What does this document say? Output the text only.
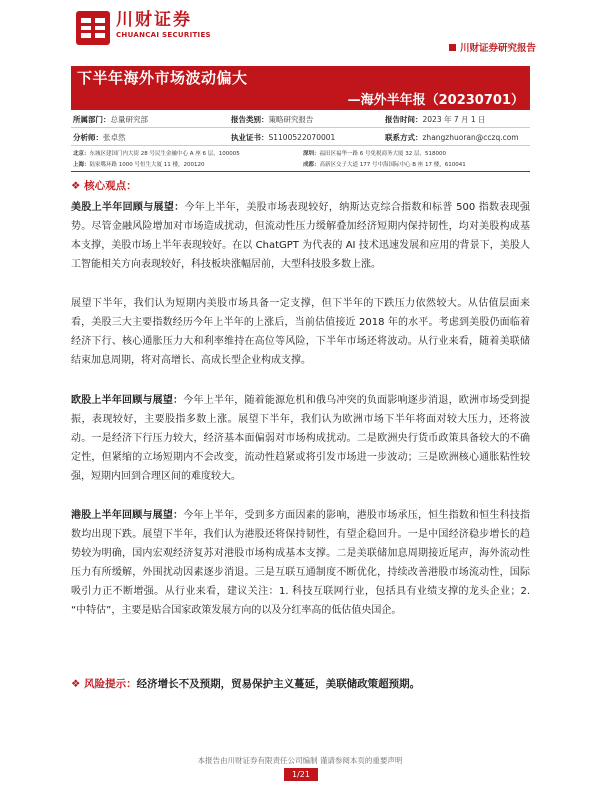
川财证券
CHUANCAI SECURITIES
川财证券研究报告
下半年海外市场波动偏大
—海外半年报（20230701）
所属部门：总量研究部	报告类别：策略研究报告	报告时间：2023 年 7 月 1 日
分析师：张卓然	执业证书：S1100522070001	联系方式：zhangzhuoran@cczq.com
北京：东城区建国门内大街 28 号民生金融中心 A 座 6 层，100005	深圳：福田区福华一路 6 号免税商务大厦 32 层，518000
上海：陆家嘴环路 1000 号恒生大厦 11 楼，200120	成都：高新区交子大道 177 号中海国际中心 B 座 17 楼，610041
❖ 核心观点：

美股上半年回顾与展望：今年上半年，美股市场表现较好，纳斯达克综合指数和标普 500 指数表现强势。尽管金融风险增加对市场造成扰动，但流动性压力缓解叠加经济短期内保持韧性，均对美股构成基本支撑，美股市场上半年表现较好。在以 ChatGPT 为代表的 AI 技术迅速发展和应用的背景下，美股人工智能相关方向表现较好，科技板块涨幅居前，大型科技股多数上涨。

展望下半年，我们认为短期内美股市场具备一定支撑，但下半年的下跌压力依然较大。从估值层面来看，美股三大主要指数经历今年上半年的上涨后，当前估值接近 2018 年的水平。考虑到美股仍面临着经济下行、核心通胀压力大和利率维持在高位等风险，下半年市场还将波动。从行业来看，随着美联储结束加息周期，将对高增长、高成长型企业构成支撑。

欧股上半年回顾与展望：今年上半年，随着能源危机和俄乌冲突的负面影响逐步消退，欧洲市场受到提振，表现较好，主要股指多数上涨。展望下半年，我们认为欧洲市场下半年将面对较大压力，还将波动。一是经济下行压力较大，经济基本面偏弱对市场构成扰动。二是欧洲央行货币政策具备较大的不确定性，但紧缩的立场短期内不会改变，流动性趋紧或将引发市场进一步波动；三是欧洲核心通胀粘性较强，短期内回到合理区间的难度较大。

港股上半年回顾与展望：今年上半年，受到多方面因素的影响，港股市场承压，恒生指数和恒生科技指数均出现下跌。展望下半年，我们认为港股还将保持韧性，有望企稳回升。一是中国经济稳步增长的趋势较为明确，国内宏观经济复苏对港股市场构成基本支撑。二是美联储加息周期接近尾声，海外流动性压力有所缓解，外围扰动因素逐步消退。三是互联互通制度不断优化，持续改善港股市场流动性，国际吸引力正不断增强。从行业来看，建议关注：1. 科技互联网行业，包括具有业绩支撑的龙头企业；2. “中特估”，主要是贴合国家政策发展方向的以及分红率高的低估值央国企。

❖ 风险提示：经济增长不及预期，贸易保护主义蔓延，美联储政策超预期。
本报告由川财证券有限责任公司编制 谨请参阅本页的重要声明
1/21
